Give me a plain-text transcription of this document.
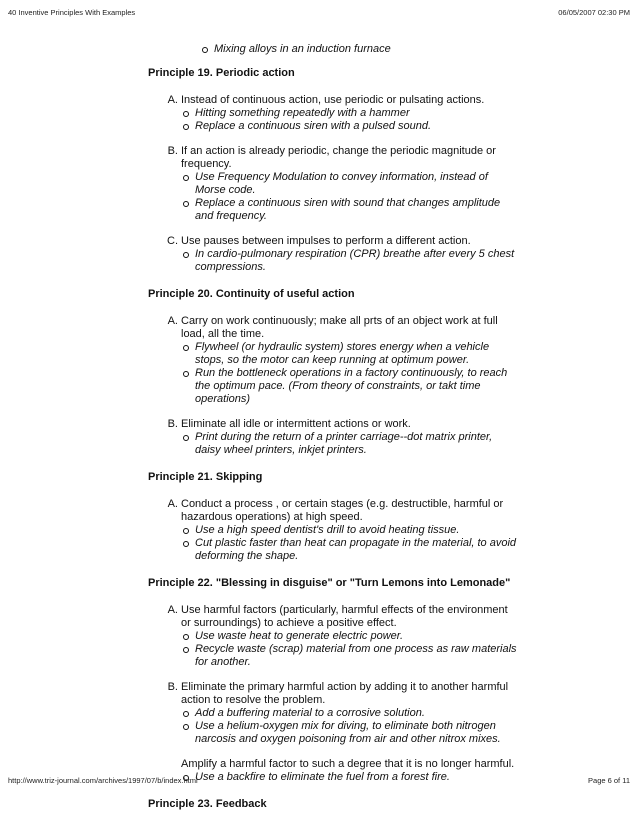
40 Inventive Principles With Examples	06/05/2007 02:30 PM
Mixing alloys in an induction furnace
Principle 19. Periodic action
A. Instead of continuous action, use periodic or pulsating actions.
Hitting something repeatedly with a hammer
Replace a continuous siren with a pulsed sound.
B. If an action is already periodic, change the periodic magnitude or frequency.
Use Frequency Modulation to convey information, instead of Morse code.
Replace a continuous siren with sound that changes amplitude and frequency.
C. Use pauses between impulses to perform a different action.
In cardio-pulmonary respiration (CPR) breathe after every 5 chest compressions.
Principle 20. Continuity of useful action
A. Carry on work continuously; make all prts of an object work at full load, all the time.
Flywheel (or hydraulic system) stores energy when a vehicle stops, so the motor can keep running at optimum power.
Run the bottleneck operations in a factory continuously, to reach the optimum pace. (From theory of constraints, or takt time operations)
B. Eliminate all idle or intermittent actions or work.
Print during the return of a printer carriage--dot matrix printer, daisy wheel printers, inkjet printers.
Principle 21. Skipping
A. Conduct a process , or certain stages (e.g. destructible, harmful or hazardous operations) at high speed.
Use a high speed dentist's drill to avoid heating tissue.
Cut plastic faster than heat can propagate in the material, to avoid deforming the shape.
Principle 22. "Blessing in disguise" or "Turn Lemons into Lemonade"
A. Use harmful factors (particularly, harmful effects of the environment or surroundings) to achieve a positive effect.
Use waste heat to generate electric power.
Recycle waste (scrap) material from one process as raw materials for another.
B. Eliminate the primary harmful action by adding it to another harmful action to resolve the problem.
Add a buffering material to a corrosive solution.
Use a helium-oxygen mix for diving, to eliminate both nitrogen narcosis and oxygen poisoning from air and other nitrox mixes.
Amplify a harmful factor to such a degree that it is no longer harmful.
Use a backfire to eliminate the fuel from a forest fire.
Principle 23. Feedback
http://www.triz-journal.com/archives/1997/07/b/index.html	Page 6 of 11
